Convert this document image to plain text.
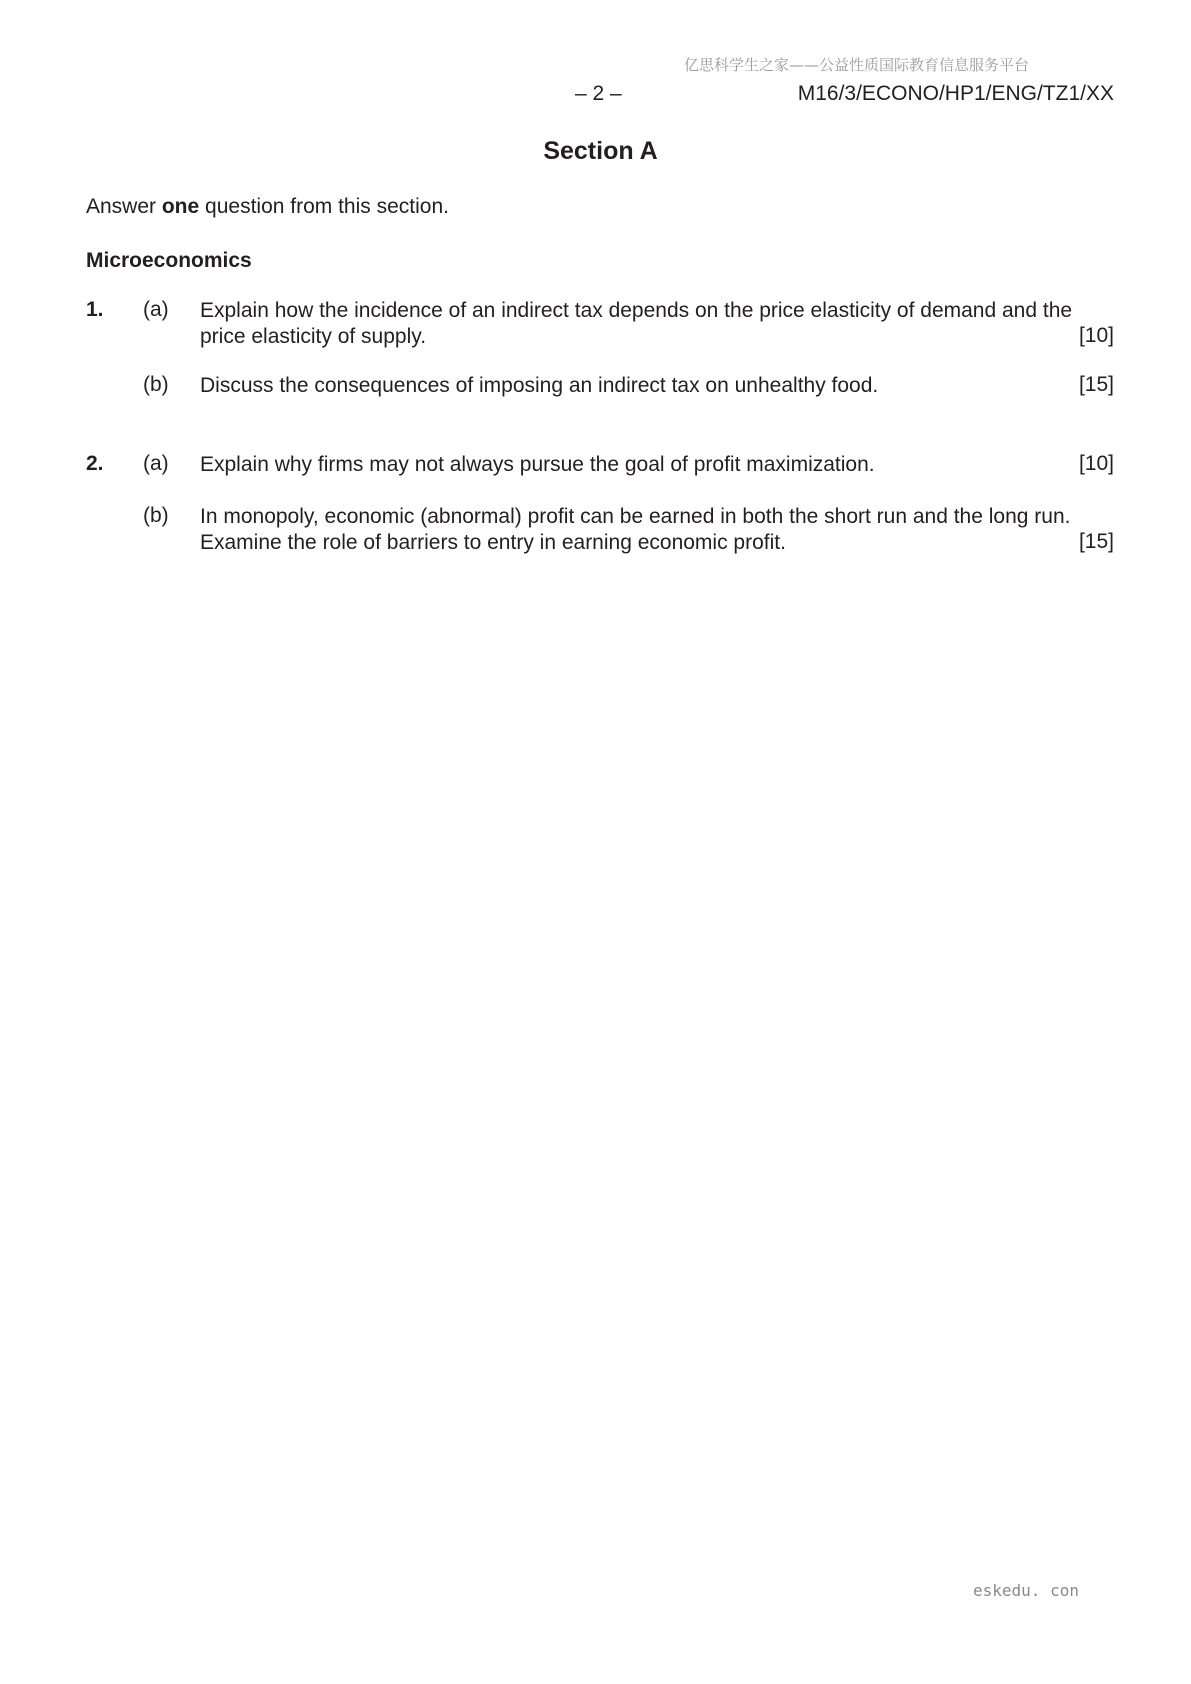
亿思科学生之家——公益性质国际教育信息服务平台
– 2 –	M16/3/ECONO/HP1/ENG/TZ1/XX
Section A
Answer one question from this section.
Microeconomics
1. (a) Explain how the incidence of an indirect tax depends on the price elasticity of demand and the price elasticity of supply.	[10]
(b) Discuss the consequences of imposing an indirect tax on unhealthy food.	[15]
2. (a) Explain why firms may not always pursue the goal of profit maximization.	[10]
(b) In monopoly, economic (abnormal) profit can be earned in both the short run and the long run. Examine the role of barriers to entry in earning economic profit.	[15]
eskedu. con
